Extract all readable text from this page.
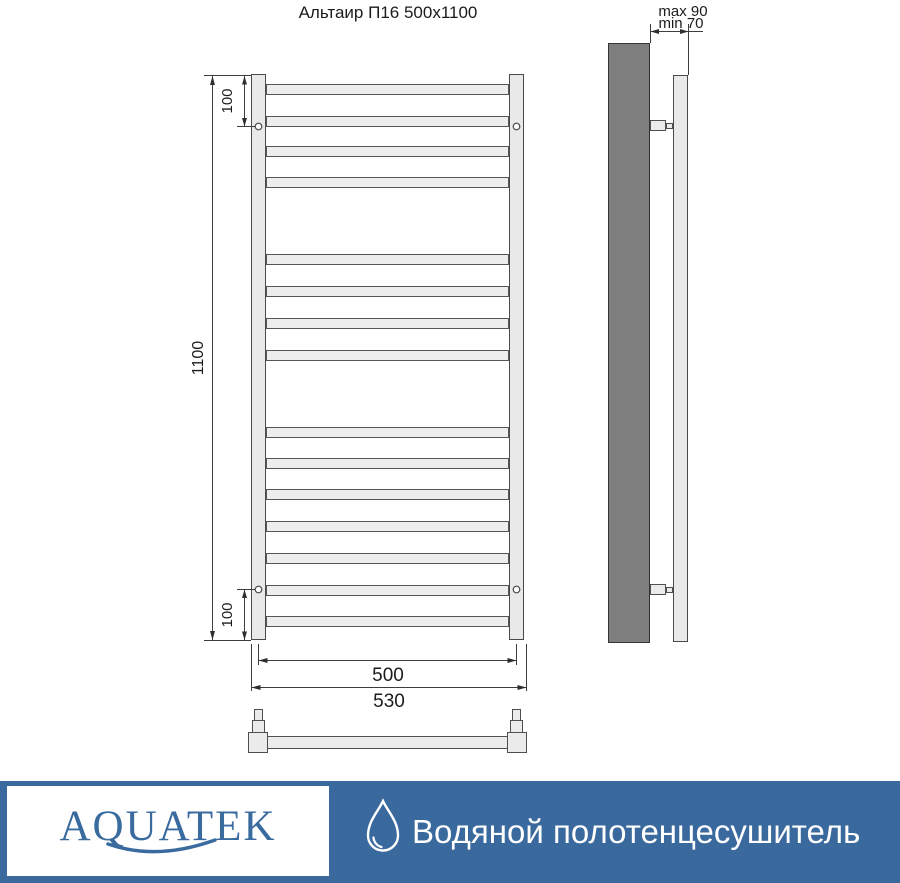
Альтаир П16 500x1100
1100
100
100
500
530
max 90
min 70
AQUATEK	Водяной полотенцесушитель
